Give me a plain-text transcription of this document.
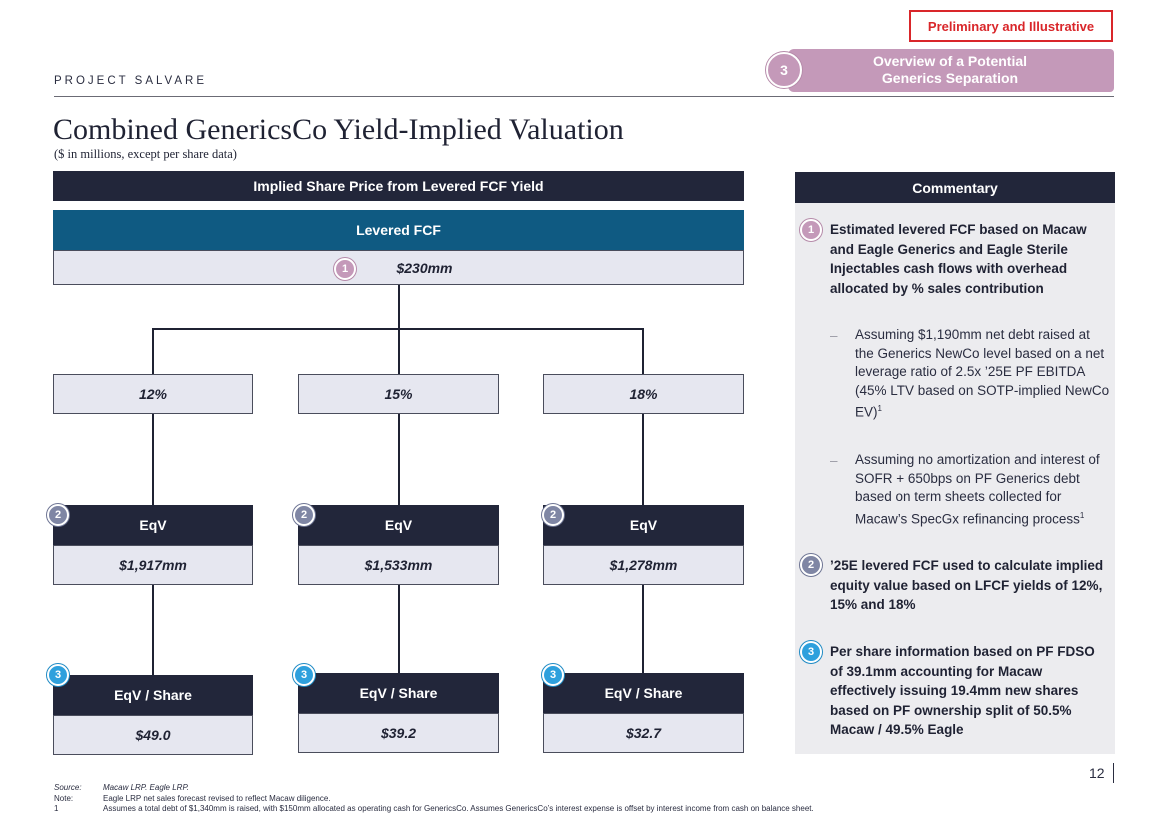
Preliminary and Illustrative
Overview of a Potential
Generics Separation
3
PROJECT SALVARE
Combined GenericsCo Yield-Implied Valuation
($ in millions, except per share data)
Implied Share Price from Levered FCF Yield
Levered FCF
$230mm
1
12%
EqV
$1,917mm
2
EqV / Share
$49.0
3
15%
EqV
$1,533mm
2
EqV / Share
$39.2
3
18%
EqV
$1,278mm
2
EqV / Share
$32.7
3
Commentary
1	Estimated levered FCF based on Macaw and Eagle Generics and Eagle Sterile Injectables cash flows with overhead allocated by % sales contribution
– Assuming $1,190mm net debt raised at the Generics NewCo level based on a net leverage ratio of 2.5x ’25E PF EBITDA (45% LTV based on SOTP-implied NewCo EV)$^1$
– Assuming no amortization and interest of SOFR + 650bps on PF Generics debt based on term sheets collected for Macaw’s SpecGx refinancing process$^1$
2	’25E levered FCF used to calculate implied equity value based on LFCF yields of 12%, 15% and 18%
3	Per share information based on PF FDSO of 39.1mm accounting for Macaw effectively issuing 19.4mm new shares based on PF ownership split of 50.5% Macaw / 49.5% Eagle
12
Source:	Macaw LRP. Eagle LRP.
Note:	Eagle LRP net sales forecast revised to reflect Macaw diligence.
1	Assumes a total debt of $1,340mm is raised, with $150mm allocated as operating cash for GenericsCo. Assumes GenericsCo’s interest expense is offset by interest income from cash on balance sheet.
